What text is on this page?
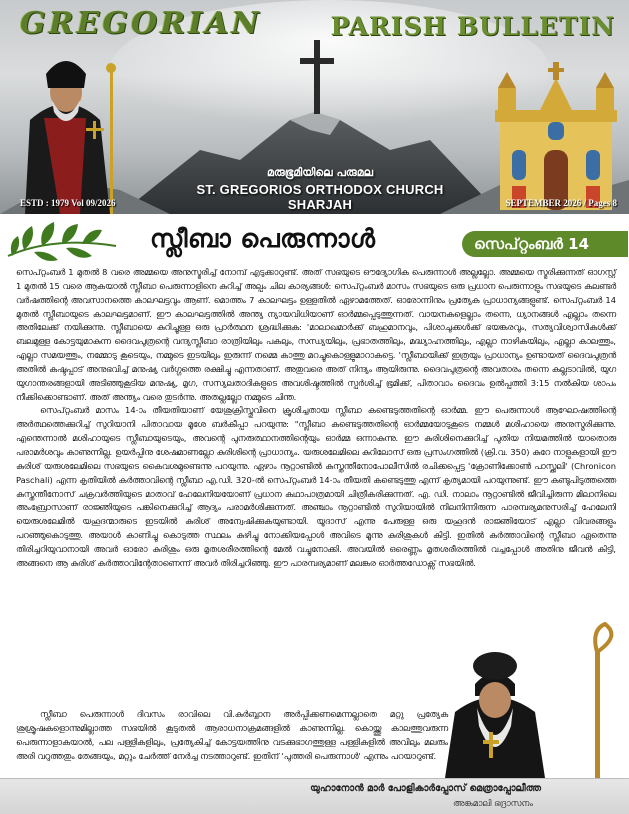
GREGORIAN	PARISH BULLETIN
മരുഭൂമിയിലെ പരുമല
ST. GREGORIOS ORTHODOX CHURCH SHARJAH
ESTD : 1979 Vol 09/2026	SEPTEMBER 2026 / Pages 8
സ്ലീബാ പെരുന്നാൾ	സെപ്റ്റംബർ 14

സെപ്റ്റംബർ 1 മുതൽ 8 വരെ അമ്മയെ അനുസ്മരിച്ച് നോമ്പ് എടുക്കാറുണ്ട്. അത് സഭയുടെ ഔദ്യോഗിക പെരുന്നാൾ അല്ലല്ലോ. അമ്മയെ സ്മരിക്കുന്നത് ഓഗസ്റ്റ് 1 മുതൽ 15 വരെ ആകയാൽ സ്ലീബാ പെരുന്നാളിനെ കുറിച്ച് അല്പം ചില കാര്യങ്ങൾ: സെപ്റ്റംബർ മാസം സഭയുടെ ഒരു പ്രധാന പെരുന്നാളും സഭയുടെ കലണ്ടർ വർഷത്തിന്റെ അവസാനത്തെ കാലഘട്ടവും ആണ്. മൊത്തം 7 കാലഘട്ടം ഉള്ളതിൽ ഏഴാമത്തേത്. ഓരോന്നിനും പ്രത്യേക പ്രാധാന്യങ്ങളുണ്ട്. സെപ്റ്റംബർ 14 മുതൽ സ്ലീബായുടെ കാലഘട്ടമാണ്. ഈ കാലഘട്ടത്തിൽ അന്ത്യ ന്യായവിധിയാണ് ഓർമ്മപ്പെടുത്തുന്നത്. വായനകളെല്ലാം തന്നെ, ധ്യാനങ്ങൾ എല്ലാം തന്നെ അതിലേക്ക് നയിക്കുന്നു. സ്ലീബായെ കുറിച്ചുള്ള ഒരു പ്രാർത്ഥന ശ്രദ്ധിക്കുക: 'മാലാഖമാർക്ക് ബഹുമാനവും, പിശാചുക്കൾക്ക് ഭയങ്കരവും, സത്യവിശ്വാസികൾക്ക് ബലമുള്ള കോട്ടയുമാകുന്ന ദൈവപുത്രന്റെ വന്ദ്യസ്ലീബാ രാത്രിയിലും പകലും, സന്ധ്യയിലും, പ്രഭാതത്തിലും, മദ്ധ്യാഹ്നത്തിലും, എല്ലാ നാഴികയിലും, എല്ലാ കാലത്തും, എല്ലാ സമയത്തും, നമ്മോടു കൂടെയും, നമ്മുടെ ഇടയിലും ഇരുന്ന് നമ്മെ കാത്തു മറച്ചുകൊള്ളുമാറാകട്ടെ. 'സ്ലീബായിക്ക് ഇത്രയും പ്രാധാന്യം ഉണ്ടായത് ദൈവപുത്രൻ അതിൽ കഷ്ടപ്പാട് അനുഭവിച്ച് മനുഷ്യ വർഗ്ഗത്തെ രക്ഷിച്ചു എന്നതാണ്. അതുവരെ അത് നിന്ദ്യം ആയിരുന്നു. ദൈവപുത്രന്റെ അവതാരം തന്നെ കല്ലടാവിൽ, യുഗ യുഗാന്തരങ്ങളായി അടിഞ്ഞുകൂടിയ മനുഷ്യ, മൃഗ, സസ്യലതാദികളുടെ അവശിഷ്ടത്തിൽ സ്പർശിച്ച് ഭൂമിക്ക്, പിതാവാം ദൈവം ഉൽപ്പത്തി 3:15 നൽകിയ ശാപം നീക്കിക്കൊണ്ടാണ്. അത് അന്ത്യം വരെ തുടർന്നു. അതല്ലല്ലോ നമ്മുടെ ചിന്ത.

സെപ്റ്റംബർ മാസം 14-ാം തീയതിയാണ് യേശുക്രിസ്തുവിനെ ക്രൂശിച്ചതായ സ്ലീബാ കണ്ടെടുത്തതിന്റെ ഓർമ്മ. ഈ പെരുന്നാൾ ആഘോഷത്തിന്റെ അർത്ഥത്തെക്കുറിച്ച് സുറിയാനി പിതാവായ മൂശേ ബർകീപ്പാ പറയുന്നു: "സ്ലീബാ കണ്ടെടുത്തതിന്റെ ഓർമ്മയോടുകൂടെ നമ്മൾ മശിഹായെ അനുസ്മരിക്കുന്നു. എന്തെന്നാൽ മശിഹായുടെ സ്ലീബായുടെയും, അവന്റെ പുനരുത്ഥാനത്തിന്റെയും ഓർമ്മ ഒന്നാകുന്നു. ഈ കുരിശിനെക്കുറിച്ച് പുതിയ നിയമത്തിൽ യാതൊരു പരാമർശവും കാണുന്നില്ല. ഉയർപ്പിനു ശേഷമാണല്ലോ കുരിശിന്റെ പ്രാധാന്യം. യരുശലേമിലെ കുറിലോസ് ഒരു പ്രസംഗത്തിൽ (ക്രി.വ. 350) കുറേ നാളുകളായി ഈ കുരിശ് യരുശലേമിലെ സഭയുടെ കൈവശമുണ്ടെന്നു പറയുന്നു. ഏഴാം നൂറ്റാണ്ടിൽ കുസ്തന്തീനോപോലീസിൽ രചിക്കപ്പെട്ട 'ക്രോണിക്കോൺ പാസ്ക്കലി' (Chronicon Paschali) എന്ന കൃതിയിൽ കർത്താവിന്റെ സ്ലീബാ എ.ഡി. 320-ൽ സെപ്റ്റംബർ 14-ാം തീയതി കണ്ടെടുത്തു എന്ന് കൃത്യമായി പറയുന്നുണ്ട്. ഈ കണ്ടുപിടുത്തത്തെ കുസ്തന്തീനോസ് ചക്രവർത്തിയുടെ മാതാവ് ഹേലേനിയയോണ് പ്രധാന കഥാപാത്രമായി ചിത്രീകരിക്കുന്നത്. എ. ഡി. നാലാം നൂറ്റാണ്ടിൽ ജീവിച്ചിരുന്ന മിലാനിലെ അംബ്രോസാണ് രാജ്ഞിയുടെ പങ്കിനെക്കുറിച്ച് ആദ്യം പരാമർശിക്കുന്നത്. അഞ്ചാം നൂറ്റാണ്ടിൽ സുറിയായിൽ നിലനിന്നിരുന്ന പാരമ്പര്യമനുസരിച്ച് ഹേലേനി യെരുശലേമിൽ യഹൂദന്മാരുടെ ഇടയിൽ കുരിശ് അന്വേഷിക്കുകയുണ്ടായി. യൂദാസ് എന്നു പേരുള്ള ഒരു യഹൂദൻ രാജ്ഞിയോട് എല്ലാ വിവരങ്ങളും പറഞ്ഞുകൊടുത്തു. അയാൾ കാണിച്ചു കൊടുത്ത സ്ഥലം കുഴിച്ചു നോക്കിയപ്പോൾ അവിടെ മൂന്നു കുരിശുകൾ കിട്ടി. ഇതിൽ കർത്താവിന്റെ സ്ലീബാ ഏതെന്നു തിരിച്ചറിയുവാനായി അവർ ഓരോ കുരിശും ഒരു മൃതശരീരത്തിന്റെ മേൽ വച്ചുനോക്കി. അവയിൽ ഒരെണ്ണം മൃതശരീരത്തിൽ വച്ചപ്പോൾ അതിനു ജീവൻ കിട്ടി, അങ്ങനെ ആ കുരിശ് കർത്താവിന്റേതാണെന്ന് അവർ തിരിച്ചറിഞ്ഞു. ഈ പാരമ്പര്യമാണ് മലങ്കര ഓർത്തഡോക്സ് സഭയിൽ.

സ്ലീബാ പെരുന്നാൾ ദിവസം രാവിലെ വി.കുർബ്ബാന അർപ്പിക്കണമെന്നല്ലാതെ മറ്റു പ്രത്യേക ശുശ്രൂഷകളൊന്നുമില്ലാത്ത സഭയിൽ കൂടുതൽ ആരാധനാക്രമങ്ങളിൽ കാണുന്നില്ല. കൊയ്ത്തു കാലത്തുവരുന്ന പെരുന്നാളാകയാൽ, പല പള്ളികളിലും, പ്രത്യേകിച്ച് കോട്ടയത്തിനു വടക്കുഭാഗത്തുള്ള പള്ളികളിൽ അവിലും മലരും അരി വറുത്തതും തേങ്ങയും, മറ്റും ചേർത്ത് നേർച്ച നടത്താറുണ്ട്. ഇതിന് 'പുത്തരി പെരുന്നാൾ' എന്നും പറയാറുണ്ട്.

യുഹാനോൻ മാർ പോളികാർപ്പോസ് മെത്രാപ്പോലീത്ത
അങ്കമാലി ഭദ്രാസനം
